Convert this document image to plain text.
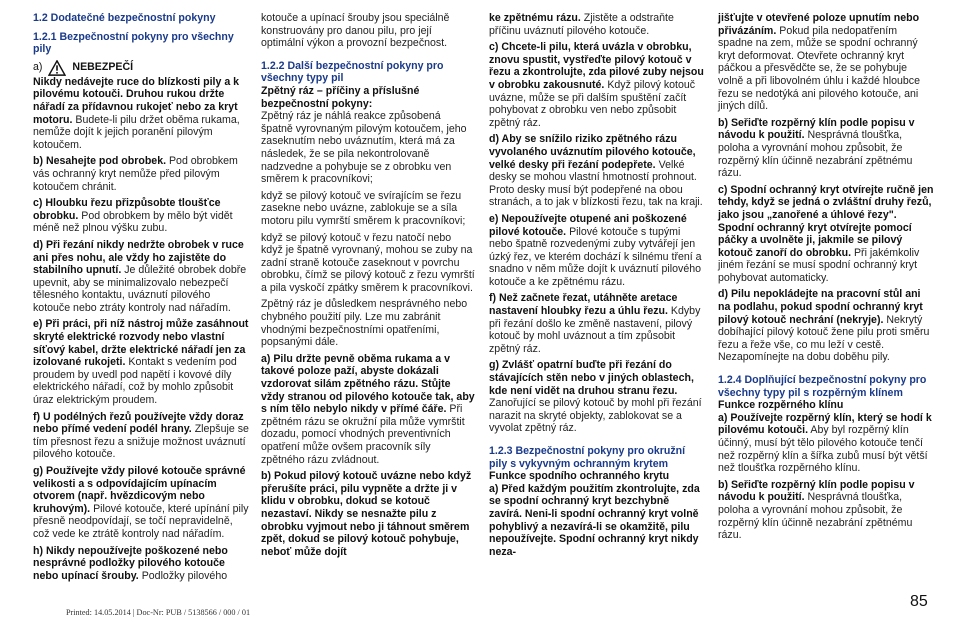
1.2 Dodatečné bezpečnostní pokyny

1.2.1 Bezpečnostní pokyny pro všechny pily

a)	NEBEZPEČÍ

Nikdy nedávejte ruce do blízkosti pily a k pilovému kotouči. Druhou rukou držte nářadí za přídavnou rukojeť nebo za kryt motoru. Budete-li pilu držet oběma rukama, nemůže dojít k jejich poranění pilovým kotoučem.

b) Nesahejte pod obrobek. Pod obrobkem vás ochranný kryt nemůže před pilovým kotoučem chránit.

c) Hloubku řezu přizpůsobte tloušťce obrobku. Pod obrobkem by mělo být vidět méně než plnou výšku zubu.

d) Při řezání nikdy nedržte obrobek v ruce ani přes nohu, ale vždy ho zajistěte do stabilního upnutí. Je důležité obrobek dobře upevnit, aby se minimalizovalo nebezpečí tělesného kontaktu, uváznutí pilového kotouče nebo ztráty kontroly nad nářadím.

e) Při práci, při níž nástroj může zasáhnout skryté elektrické rozvody nebo vlastní síťový kabel, držte elektrické nářadí jen za izolované rukojeti. Kontakt s vedením pod proudem by uvedl pod napětí i kovové díly elektrického nářadí, což by mohlo způsobit úraz elektrickým proudem.

f) U podélných řezů používejte vždy doraz nebo přímé vedení podél hrany. Zlepšuje se tím přesnost řezu a snižuje možnost uváznutí pilového kotouče.

g) Používejte vždy pilové kotouče správné velikosti a s odpovídajícím upínacím otvorem (např. hvězdicovým nebo kruhovým). Pilové kotouče, které upínání pily přesně neodpovídají, se točí nepravidelně, což vede ke ztrátě kontroly nad nářadím.

h) Nikdy nepoužívejte poškozené nebo nesprávné podložky pilového kotouče nebo upínací šrouby. Podložky pilového

kotouče a upínací šrouby jsou speciálně konstruovány pro danou pilu, pro její optimální výkon a provozní bezpečnost.

1.2.2 Další bezpečnostní pokyny pro všechny typy pil

Zpětný ráz – příčiny a příslušné bezpečnostní pokyny:

Zpětný ráz je náhlá reakce způsobená špatně vyrovnaným pilovým kotoučem, jeho zaseknutím nebo uváznutím, která má za následek, že se pila nekontrolovaně nadzvedne a pohybuje se z obrobku ven směrem k pracovníkovi;

když se pilový kotouč ve svírajícím se řezu zasekne nebo uvázne, zablokuje se a síla motoru pilu vymrští směrem k pracovníkovi;

když se pilový kotouč v řezu natočí nebo když je špatně vyrovnaný, mohou se zuby na zadní straně kotouče zaseknout v povrchu obrobku, čímž se pilový kotouč z řezu vymrští a pila vyskočí zpátky směrem k pracovníkovi.

Zpětný ráz je důsledkem nesprávného nebo chybného použití pily. Lze mu zabránit vhodnými bezpečnostními opatřeními, popsanými dále.

a) Pilu držte pevně oběma rukama a v takové poloze paží, abyste dokázali vzdorovat silám zpětného rázu. Stůjte vždy stranou od pilového kotouče tak, aby s ním tělo nebylo nikdy v přímé čáře. Při zpětném rázu se okružní pila může vymrštit dozadu, pomocí vhodných preventivních opatření může ovšem pracovník síly zpětného rázu zvládnout.

b) Pokud pilový kotouč uvázne nebo když přerušíte práci, pilu vypněte a držte ji v klidu v obrobku, dokud se kotouč nezastaví. Nikdy se nesnažte pilu z obrobku vyjmout nebo ji táhnout směrem zpět, dokud se pilový kotouč pohybuje, neboť může dojít

ke zpětnému rázu. Zjistěte a odstraňte příčinu uváznutí pilového kotouče.

c) Chcete-li pilu, která uvázla v obrobku, znovu spustit, vystřeďte pilový kotouč v řezu a zkontrolujte, zda pilové zuby nejsou v obrobku zakousnuté. Když pilový kotouč uvázne, může se při dalším spuštění začít pohybovat z obrobku ven nebo způsobit zpětný ráz.

d) Aby se snížilo riziko zpětného rázu vyvolaného uváznutím pilového kotouče, velké desky při řezání podepřete. Velké desky se mohou vlastní hmotností prohnout. Proto desky musí být podepřené na obou stranách, a to jak v blízkosti řezu, tak na kraji.

e) Nepoužívejte otupené ani poškozené pilové kotouče. Pilové kotouče s tupými nebo špatně rozvedenými zuby vytvářejí jen úzký řez, ve kterém dochází k silnému tření a snadno v něm může dojít k uváznutí pilového kotouče a ke zpětnému rázu.

f) Než začnete řezat, utáhněte aretace nastavení hloubky řezu a úhlu řezu. Kdyby při řezání došlo ke změně nastavení, pilový kotouč by mohl uváznout a tím způsobit zpětný ráz.

g) Zvlášť opatrní buďte při řezání do stávajících stěn nebo v jiných oblastech, kde není vidět na druhou stranu řezu. Zanořující se pilový kotouč by mohl při řezání narazit na skryté objekty, zablokovat se a vyvolat zpětný ráz.

1.2.3 Bezpečnostní pokyny pro okružní pily s vykyvným ochranným krytem

Funkce spodního ochranného krytu

a) Před každým použitím zkontrolujte, zda se spodní ochranný kryt bezchybně zavírá. Neni-li spodní ochranný kryt volně pohyblivý a nezavírá-li se okamžitě, pilu nepoužívejte. Spodní ochranný kryt nikdy neza-

jišťujte v otevřené poloze upnutím nebo přivázáním. Pokud pila nedopatřením spadne na zem, může se spodní ochranný kryt deformovat. Otevřete ochranný kryt páčkou a přesvědčte se, že se pohybuje volně a při libovolném úhlu i každé hloubce řezu se nedotýká ani pilového kotouče, ani jiných dílů.

b) Seřiďte rozpěrný klín podle popisu v návodu k použití. Nesprávná tloušťka, poloha a vyrovnání mohou způsobit, že rozpěrný klín účinně nezabrání zpětnému rázu.

c) Spodní ochranný kryt otvírejte ručně jen tehdy, když se jedná o zvláštní druhy řezů, jako jsou „zanořené a úhlové řezy". Spodní ochranný kryt otvírejte pomocí páčky a uvolněte ji, jakmile se pilový kotouč zanoří do obrobku. Při jakémkoliv jiném řezání se musí spodní ochranný kryt pohybovat automaticky.

d) Pilu nepokládejte na pracovní stůl ani na podlahu, pokud spodní ochranný kryt pilový kotouč nechrání (nekryje). Nekrytý dobíhající pilový kotouč žene pilu proti směru řezu a řeže vše, co mu leží v cestě. Nezapomínejte na dobu doběhu pily.

1.2.4 Doplňující bezpečnostní pokyny pro všechny typy pil s rozpěrným klínem

Funkce rozpěrného klínu

a) Používejte rozpěrný klín, který se hodí k pilovému kotouči. Aby byl rozpěrný klín účinný, musí být tělo pilového kotouče tenčí než rozpěrný klín a šířka zubů musí být větší než tloušťka rozpěrného klínu.

b) Seřiďte rozpěrný klín podle popisu v návodu k použití. Nesprávná tloušťka, poloha a vyrovnání mohou způsobit, že rozpěrný klín účinně nezabrání zpětnému rázu.

Printed: 14.05.2014 | Doc-Nr: PUB / 5138566 / 000 / 01
85
